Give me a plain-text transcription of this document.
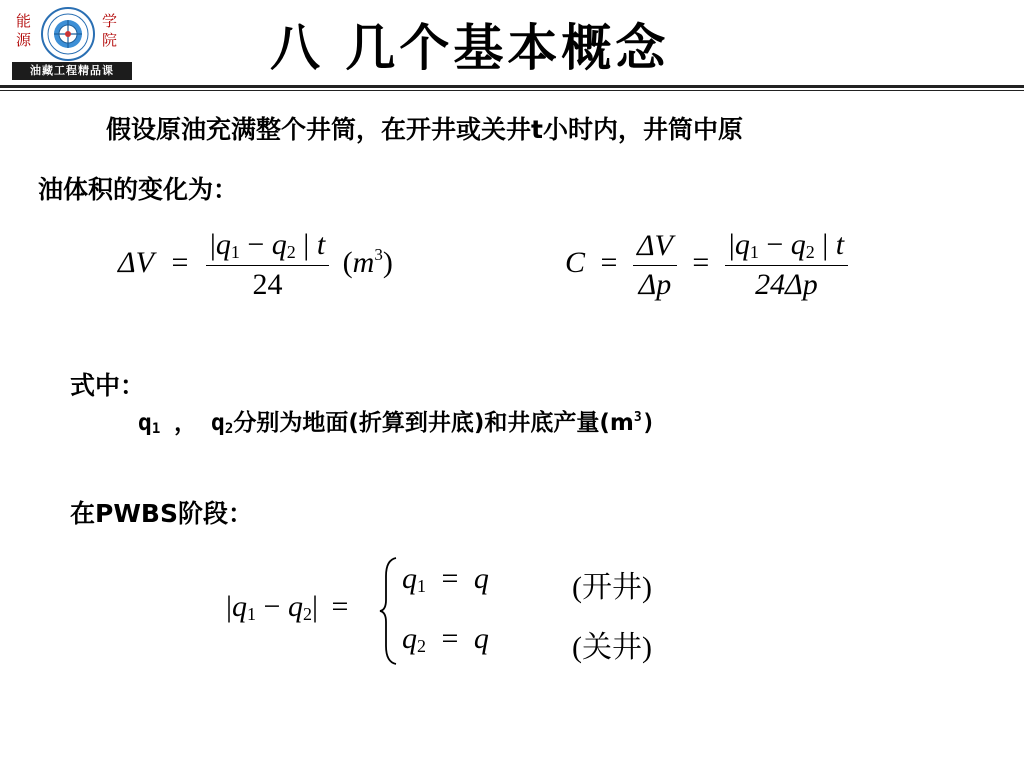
能
源
学
院
油藏工程精品课	八 几个基本概念
假设原油充满整个井筒，在开井或关井t小时内，井筒中原
油体积的变化为：
$\Delta V = \frac{|q_1 - q_2 | t}{24} (m^3)$	$C = \frac{\Delta V}{\Delta p} = \frac{|q_1 - q_2 | t}{24\Delta p}$
式中：
q1 ， q2分别为地面(折算到井底)和井底产量$(m^3)$
在PWBS阶段：
$|q_1 - q_2|$ =
$q_1 = q$	(开井)
$q_2 = q$	(关井)
